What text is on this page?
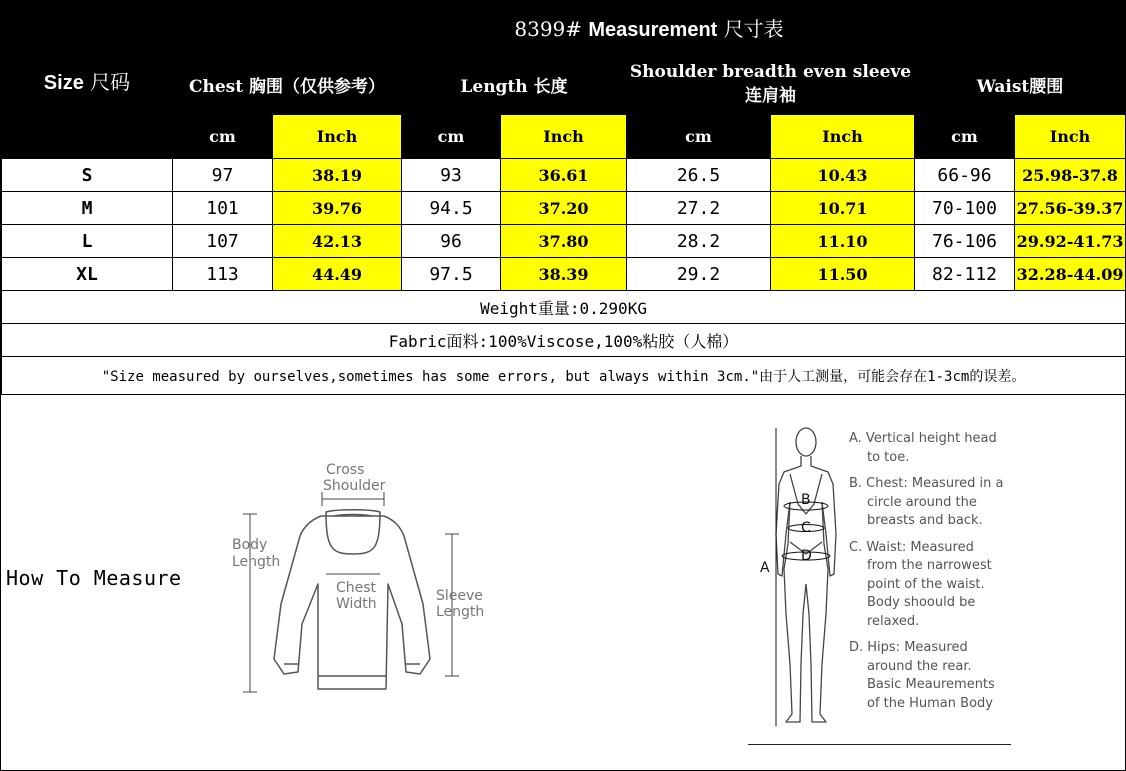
Size 尺码	8399# Measurement 尺寸表							
	Chest 胸围（仅供参考）		Length 长度		Shoulder breadth even sleeve连肩袖		Waist腰围	
	cm	Inch	cm	Inch	cm	Inch	cm	Inch
S	97	38.19	93	36.61	26.5	10.43	66-96	25.98-37.8
M	101	39.76	94.5	37.20	27.2	10.71	70-100	27.56-39.37
L	107	42.13	96	37.80	28.2	11.10	76-106	29.92-41.73
XL	113	44.49	97.5	38.39	29.2	11.50	82-112	32.28-44.09
Weight重量:0.290KG								
Fabric面料:100%Viscose,100%粘胶（人棉）								
"Size measured by ourselves,sometimes has some errors, but always within 3cm."由于人工测量，可能会存在1-3cm的误差。								
How To Measure
Cross
Shoulder
Body
Length
Chest
Width	Sleeve
Length
B
C
D
A

A. Vertical height head
to toe.

B. Chest: Measured in a
circle around the
breasts and back.

C. Waist: Measured
from the narrowest
point of the waist.
Body shoould be
relaxed.

D. Hips: Measured
around the rear.
Basic Meaurements
of the Human Body
